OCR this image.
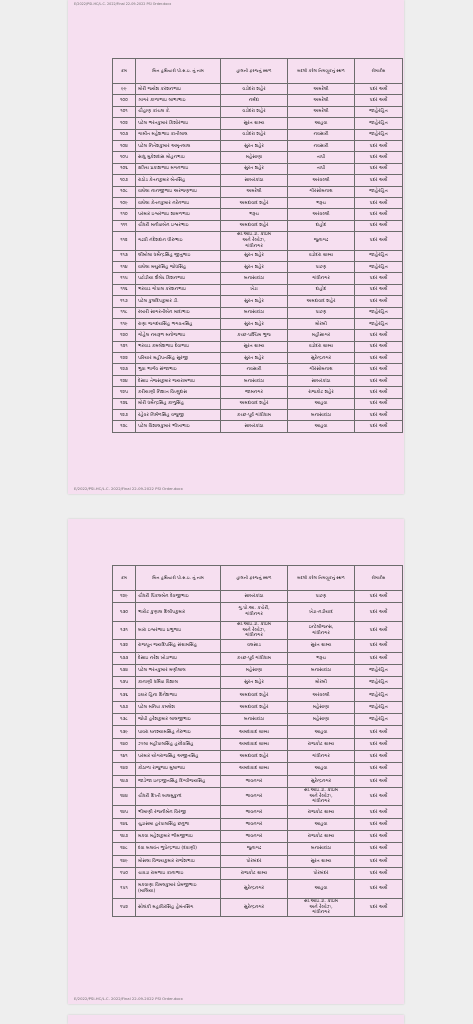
E/2022/PSI-HC/L.C. 2022/Final 22-09-2022 PSI Order.docx
ક્રમ	બિન હથિયારી પો.સ.ઇ. નું નામ	હાલની ફરજનું સ્થળ	બદલી કરેલ નિમણૂકનું સ્થળ	રીમાર્કસ
૯૯	મોરી જયેશ કરશનભાઇ	વડોદરા શહેર	અમરેલી	પદર અર્થે
૧૦૦	ઞાગર કાળાભાઇ લાભાભાઇ	નર્મદા	અમરેલી	પદર અર્થે
૧૦૧	ચૌહાણ કાંચલ કે.	વડોદરા શહેર	અમરેલી	જાહેરહિત
૧૦૨	પટેલ ભરતકુમાર કિશોરભાઇ	સુરત ગ્રામ્ય	આહવા	જાહેરહિત
૧૦૩	ગામીત મહેશભાઇ કાતીલાલ	વડોદરા શહેર	નવસારી	જાહેરહિત
૧૦૪	પટેલ નિતેશકુમાર અમૃતલાલ	સુરત શહેર	નવસારી	પદર અર્થે
૧૦૫	સાધુ મુકેશદાસ મોહનભાઇ	મહેસાણા	તાપી	પદર અર્થે
૧૦૬	ક્ષત્રિય પ્રકાશભાઇ મગનભાઇ	સુરત શહેર	તાપી	પદર અર્થે
૧૦૭	રાઠોડ કેતનકુમાર બેતસિંહ	સાબરકાંઠા	અરવલ્લી	પદર અર્થે
૧૦૮	વાઘેલા નાનજીભાઇ અરજણભાઇ	અમરેલી	ગીરસોમનાથ	જાહેરહિત
૧૦૯	વાઘેલા કેતનકુમાર નરેનભાઇ	અમદાવાદ શહેર	ભરૂચ	પદર અર્થે
૧૧૦	પરમાર ઇશ્વરભાઇ શામળભાઇ	ભરૂચ	અરવલ્લી	પદર અર્થે
૧૧૧	ચૌધરી મનીષાબેન ઇશ્વરભાઇ	અમદાવાદ શહેર	દાહોદ	પદર અર્થે
૧૧૨	ગઢવી નંદેશદાન ધીરુભાઇ	સી.આઇ.ડી. ક્રાઇમ
અને રેલ્વેઝ,
ગાંધીનગર	જુનાગઢ	પદર અર્થે
૧૧૩	લીંબોલા ધર્મેન્દ્રસિંહ જીતુભાઇ	સુરત શહેર	વડોદરા ગ્રામ્ય	જાહેરહિત
૧૧૪	વાઘેલા મયુરસિંહ જોધસિંહ	સુરત શહેર	પાટણ	જાહેરહિત
૧૧૫	પટોડીયા શૈલેષ કિશનભાઇ	બનાસકાંઠા	ગાંધીનગર	પદર અર્થે
૧૧૬	ભરવાડ ગોપાલ કરશનભાઇ	ખેડા	દાહોદ	પદર અર્થે
૧૧૭	પટેલ કુલદિપકુમાર ડી.	સુરત શહેર	અમદાવાદ શહેર	પદર અર્થે
૧૧૮	રબારી સાગરતીબેન માદાભાઇ	બનાસકાંઠા	પાટણ	જાહેરહિત
૧૧૯	રાણા જગદયસિંહ ભગવતસિંહ	સુરત શહેર	મોરબી	જાહેરહિત
૧૨૦	ગોહેલ નયરૂભ મનોજભાઇ	કચ્છ-પશ્ચિમ ભુજ	મહીસાગર	પદર અર્થે
૧૨૧	ભરવાડ કમલેશભાઇ દેવાભાઇ	સુરત ગ્રામ્ય	વડોદરા ગ્રામ્ય	પદર અર્થે
૧૨૨	પરિયાર મહીપતસિંહ સુરજી	સુરત શહેર	સુરેન્દ્રનગર	પદર અર્થે
૧૨૩	ભુવા ભાર્ગવ સંજાભાઇ	નવસારી	ગીરસોમનાથ	પદર અર્થે
૧૨૪	દેસાઇ તેજસકુમાર જયરામભાઇ	બનાસકાંઠા	સાબરકાંઠા	પદર અર્થે
૧૨૫	કરીયાણી નિશાત વિષ્ણુદાસ	જામનગર	રાજકોટ શહેર	પદર અર્થે
૧૨૬	મોરી ધર્મેન્દ્રસિંહ કાળુસિંહ	અમદાવાદ શહેર	આહવા	પદર અર્થે
૧૨૭	રહેવર નિર્મળસિંહ વજુજી	કચ્છ-પૂર્વ ગાંધીધામ	બનાસકાંઠા	પદર અર્થે
૧૨૮	પટેલ વિશાલકુમાર ભીખાભાઇ	સાબરકાંઠા	આહવા	પદર અર્થે
E/2022/PSI-HC/L.C. 2022/Final 22-09-2022 PSI Order.docx
ક્રમ	બિન હથિયારી પો.સ.ઇ. નું નામ	હાલની ફરજનું સ્થળ	બદલી કરેલ નિમણૂકનું સ્થળ	રીમાર્કસ
૧૨૯	ચૌધરી પિંકલબેન દેવજીભાઇ	સાબરકાંઠા	પાટણ	પદર અર્થે
૧૩૦	ભારોટ કુણાલ દિલીપકુમાર	ગુ.પો.આ. કચેરી,
ગાંધીનગર	ખેડા-નડીયાદ	પદર અર્થે
૧૩૧	બારા ઇશ્વરભાઇ પ્રભુભાઇ	સી.આઇ.ડી. ક્રાઇમ
અને રેલ્વેઝ,
ગાંધીનગર	ઇન્ટેલીજન્સ,
ગાંધીનગર	પદર અર્થે
૧૩૨	રાજપૂત જયદિપસિંહ સંગ્રામસિંહ	વલસાડ	સુરત ગ્રામ્ય	પદર અર્થે
૧૩૩	દેસાઇ નરેશ ખોડાભાઇ	કચ્છ-પૂર્વ ગાંધીધામ	ભરૂચ	પદર અર્થે
૧૩૪	પટેલ ભરતકુમાર મણીલાલ	મહેસાણા	બનાસકાંઠા	જાહેરહિત
૧૩૫	કાનાણી ધર્મિષા વિશાલ	સુરત શહેર	મોરબી	જાહેરહિત
૧૩૬	ઠક્કર હિના દિનેશભાઇ	અમદાવાદ શહેર	અરવલ્લી	જાહેરહિત
૧૩૭	પટેલ મનિષા કમલેશ	અમદાવાદ શહેર	મહેસાણા	જાહેરહિત
૧૩૮	જોષી હરેશકુમાર લાલજીભાઇ	બનાસકાંઠા	મહેસાણા	જાહેરહિત
૧૩૯	પાવરા ઘનશ્યામસિંહ નેરુભાઇ	અમદાવાદ ગ્રામ્ય	આહવા	પદર અર્થે
૧૪૦	ઝાલા મહીપાલસિંહ હરદેવસિંહ	અમદાવાદ ગ્રામ્ય	રાજકોટ ગ્રામ્ય	પદર અર્થે
૧૪૧	પરમાર યોગરાજસિંહ અજીતસિંહ	અમદાવાદ શહેર	ગાંધીનગર	પદર અર્થે
૧૪૨	કોઠાળા રાજુભાઇ મુલાભાઇ	અમદાવાદ ગ્રામ્ય	આહવા	પદર અર્થે
૧૪૩	જાડેજા ઇન્દ્રજીતસિંહ દિગ્વીજયસિંહ	ભાવનગર	સુરેન્દ્રનગર	પદર અર્થે
૧૪૪	ચૌધરી દિપ્તી બાલમુકુન્દ	ભાવનગર	સી.આઇ.ડી. ક્રાઇમ
અને રેલ્વેઝ,
ગાંધીનગર	પદર અર્થે
૧૪૫	ભીમાણી રજનીબેન વિરજી	ભાવનગર	રાજકોટ ગ્રામ્ય	પદર અર્થે
૧૪૬	ચુડાસમા હરપાલસિંહ છનુભા	ભાવનગર	આહવા	પદર અર્થે
૧૪૭	મકવા મહેશકુમાર ભીમજીભાઇ	ભાવનગર	રાજકોટ ગ્રામ્ય	પદર અર્થે
૧૪૮	દવા બલવંત ભુપેન્દ્રભાઇ (દવાણી)	જુનાગઢ	બનાસકાંઠા	પદર અર્થે
૧૪૯	મોસલા વિજયકુમાર રાજેશભાઇ	પોરબંદર	સુરત ગ્રામ્ય	પદર અર્થે
૧૫૦	ચાવડા રામભાઇ કાનાભાઇ	રાજકોટ ગ્રામ્ય	પોરબંદર	પદર અર્થે
૧૫૧	મકવાણા વિમલકુમાર પ્રેમજીભાઇ
(માલિયા)	સુરેન્દ્રનગર	આહવા	પદર અર્થે
૧૫૨	સોલંકી મહાવિરસિંહ હેમંતસિંગ	સુરેન્દ્રનગર	સી.આઇ.ડી. ક્રાઇમ
અને રેલ્વેઝ,
ગાંધીનગર	પદર અર્થે
E/2022/PSI-HC/L.C. 2022/Final 22-09-2022 PSI Order.docx
